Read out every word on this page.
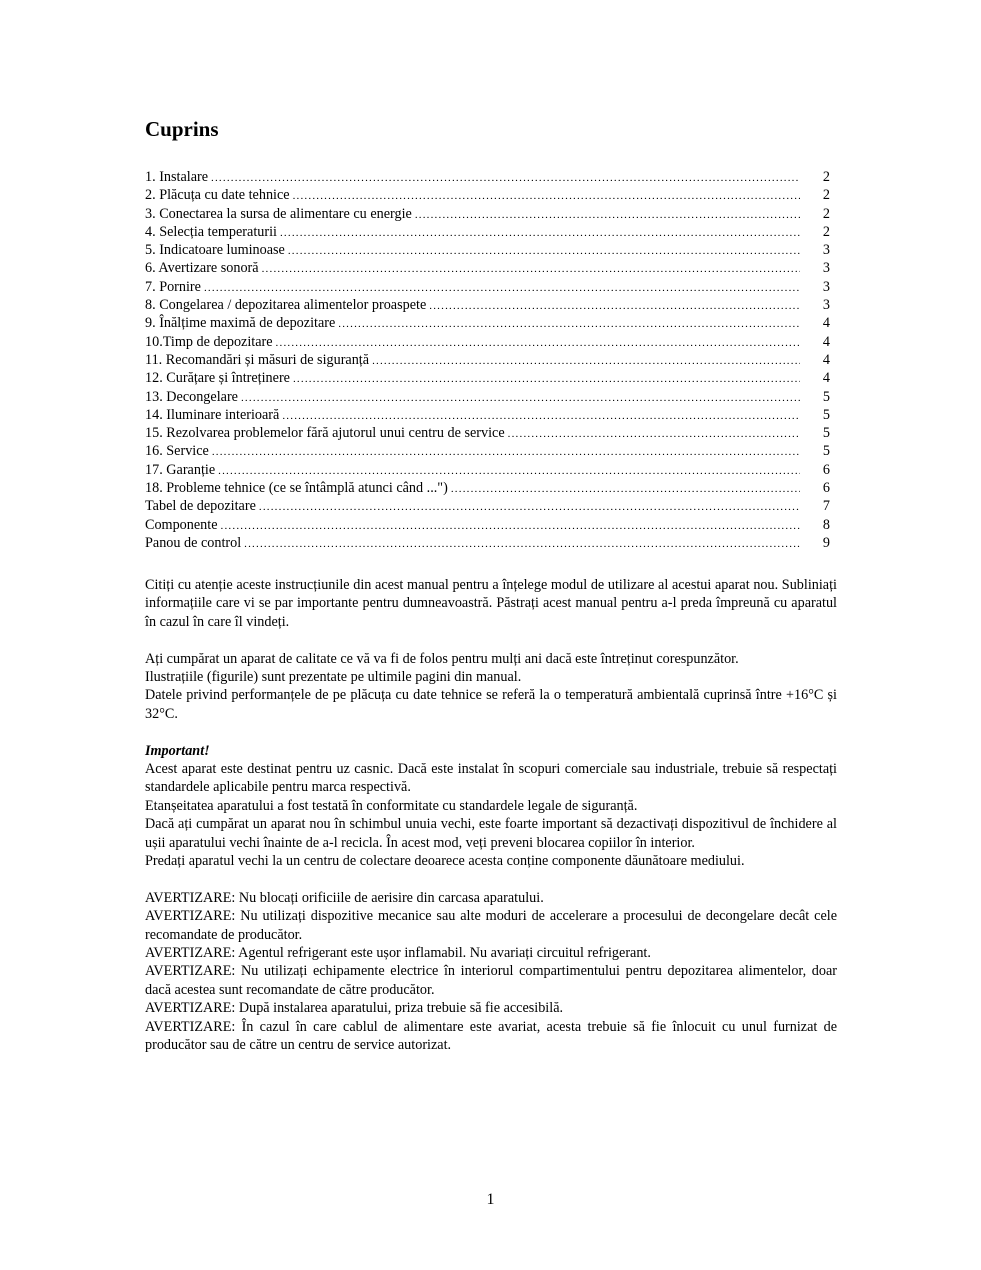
Cuprins
1. Instalare .....	2
2. Plăcuța cu date tehnice .....	2
3. Conectarea la sursa de alimentare cu energie .....	2
4. Selecția temperaturii .....	2
5. Indicatoare luminoase .....	3
6. Avertizare sonoră .....	3
7. Pornire .....	3
8. Congelarea / depozitarea alimentelor proaspete .....	3
9. Înălțime maximă de depozitare .....	4
10.Timp de depozitare .....	4
11. Recomandări și măsuri de siguranță .....	4
12. Curățare și întreținere .....	4
13. Decongelare .....	5
14. Iluminare interioară .....	5
15. Rezolvarea problemelor fără ajutorul unui centru de service .....	5
16. Service .....	5
17. Garanție .....	6
18. Probleme tehnice (ce se întâmplă atunci când ...") .....	6
Tabel de depozitare .....	7
Componente .....	8
Panou de control .....	9

Citiți cu atenție aceste instrucțiunile din acest manual pentru a înțelege modul de utilizare al acestui aparat nou. Subliniați informațiile care vi se par importante pentru dumneavoastră. Păstrați acest manual pentru a-l preda împreună cu aparatul în cazul în care îl vindeți.

Ați cumpărat un aparat de calitate ce vă va fi de folos pentru mulți ani dacă este întreținut corespunzător.

Ilustrațiile (figurile) sunt prezentate pe ultimile pagini din manual.

Datele privind performanțele de pe plăcuța cu date tehnice se referă la o temperatură ambientală cuprinsă între +16°C și 32°C.

Important!

Acest aparat este destinat pentru uz casnic. Dacă este instalat în scopuri comerciale sau industriale, trebuie să respectați standardele aplicabile pentru marca respectivă.

Etanșeitatea aparatului a fost testată în conformitate cu standardele legale de siguranță.

Dacă ați cumpărat un aparat nou în schimbul unuia vechi, este foarte important să dezactivați dispozitivul de închidere al ușii aparatului vechi înainte de a-l recicla. În acest mod, veți preveni blocarea copiilor în interior.

Predați aparatul vechi la un centru de colectare deoarece acesta conține componente dăunătoare mediului.

AVERTIZARE: Nu blocați orificiile de aerisire din carcasa aparatului.

AVERTIZARE: Nu utilizați dispozitive mecanice sau alte moduri de accelerare a procesului de decongelare decât cele recomandate de producător.

AVERTIZARE: Agentul refrigerant este ușor inflamabil. Nu avariați circuitul refrigerant.

AVERTIZARE: Nu utilizați echipamente electrice în interiorul compartimentului pentru depozitarea alimentelor, doar dacă acestea sunt recomandate de către producător.

AVERTIZARE: După instalarea aparatului, priza trebuie să fie accesibilă.

AVERTIZARE: În cazul în care cablul de alimentare este avariat, acesta trebuie să fie înlocuit cu unul furnizat de producător sau de către un centru de service autorizat.

1
